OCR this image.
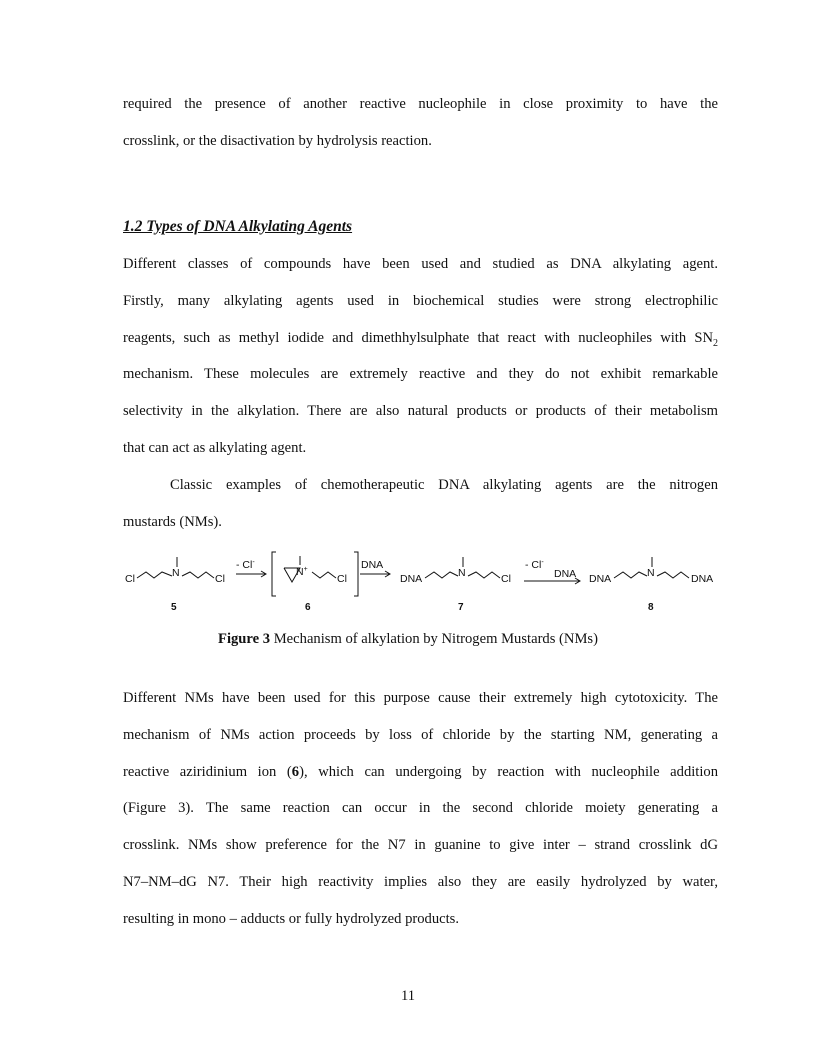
required the presence of another reactive nucleophile in close proximity to have the
crosslink, or the disactivation by hydrolysis reaction.
1.2 Types of DNA Alkylating Agents
Different classes of compounds have been used and studied as DNA alkylating agent.
Firstly, many alkylating agents used in biochemical studies were strong electrophilic
reagents, such as methyl iodide and dimethhylsulphate that react with nucleophiles with $SN_2$
mechanism. These molecules are extremely reactive and they do not exhibit remarkable
selectivity in the alkylation. There are also natural products or products of their metabolism
that can act as alkylating agent.
Classic examples of chemotherapeutic DNA alkylating agents are the nitrogen
mustards (NMs).
Cl	N	Cl
5
- Cl-
N+
Cl
6
DNA
DNA	N	Cl
7
- Cl-
DNA DNA	N	DNA
8

Figure 3 Mechanism of alkylation by Nitrogem Mustards (NMs)

Different NMs have been used for this purpose cause their extremely high cytotoxicity. The
mechanism of NMs action proceeds by loss of chloride by the starting NM, generating a
reactive aziridinium ion (6), which can undergoing by reaction with nucleophile addition
(Figure 3). The same reaction can occur in the second chloride moiety generating a
crosslink. NMs show preference for the N7 in guanine to give inter – strand crosslink dG
N7–NM–dG N7. Their high reactivity implies also they are easily hydrolyzed by water,
resulting in mono – adducts or fully hydrolyzed products.

11
